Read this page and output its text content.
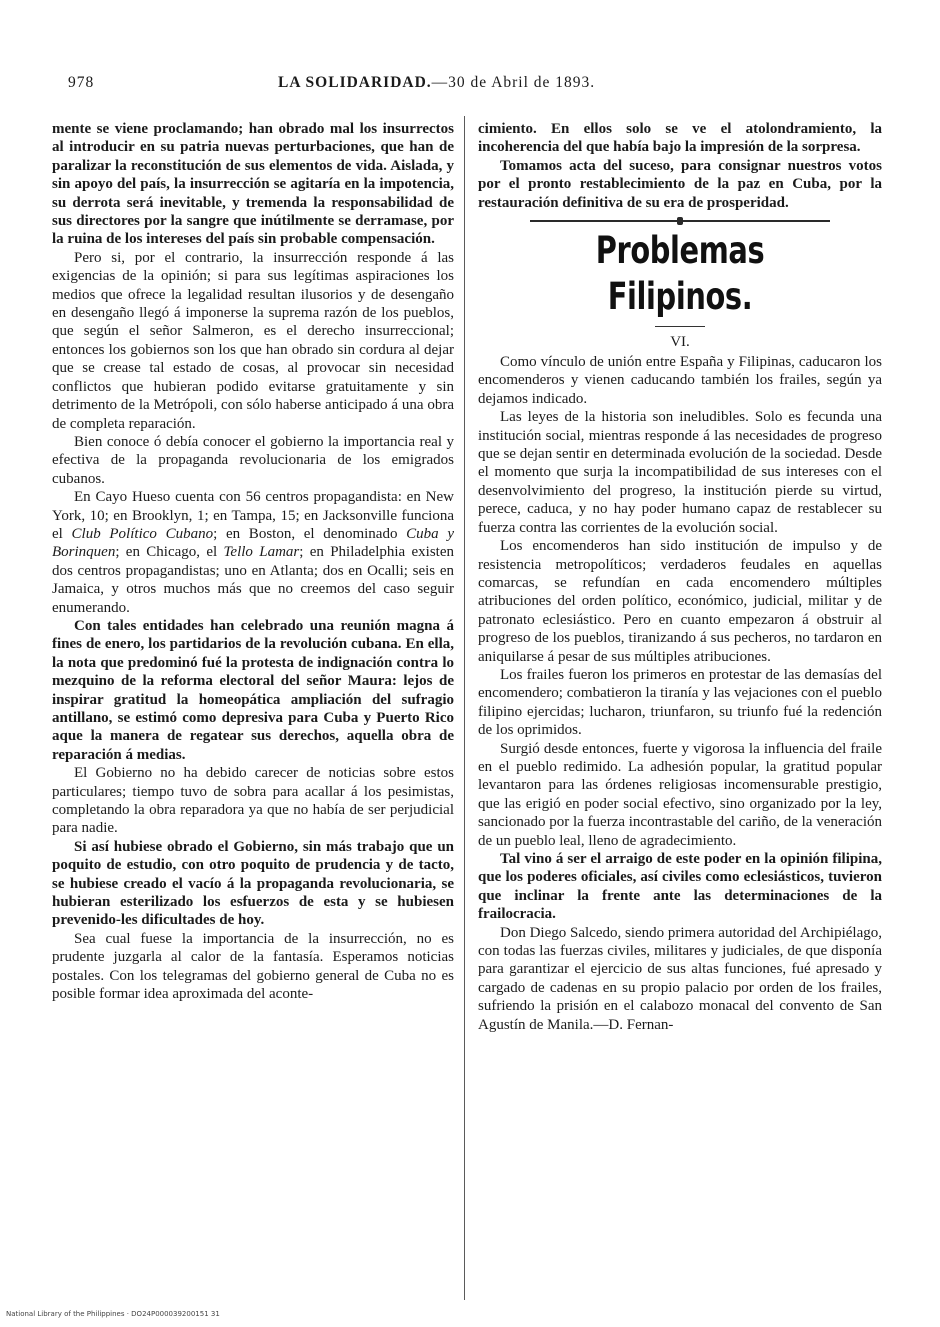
978	LA SOLIDARIDAD.—30 de Abril de 1893.

mente se viene proclamando; han obrado mal los insurrectos al introducir en su patria nuevas perturbaciones, que han de paralizar la reconstitución de sus elementos de vida. Aislada, y sin apoyo del país, la insurrección se agitaría en la impotencia, su derrota será inevitable, y tremenda la responsabilidad de sus directores por la sangre que inútilmente se derramase, por la ruina de los intereses del país sin probable compensación.

Pero si, por el contrario, la insurrección responde á las exigencias de la opinión; si para sus legítimas aspiraciones los medios que ofrece la legalidad resultan ilusorios y de desengaño en desengaño llegó á imponerse la suprema razón de los pueblos, que según el señor Salmeron, es el derecho insurreccional; entonces los gobiernos son los que han obrado sin cordura al dejar que se crease tal estado de cosas, al provocar sin necesidad conflictos que hubieran podido evitarse gratuitamente y sin detrimento de la Metrópoli, con sólo haberse anticipado á una obra de completa reparación.

Bien conoce ó debía conocer el gobierno la importancia real y efectiva de la propaganda revolucionaria de los emigrados cubanos.

En Cayo Hueso cuenta con 56 centros propagandista: en New York, 10; en Brooklyn, 1; en Tampa, 15; en Jacksonville funciona el Club Político Cubano; en Boston, el denominado Cuba y Borinquen; en Chicago, el Tello Lamar; en Philadelphia existen dos centros propagandistas; uno en Atlanta; dos en Ocalli; seis en Jamaica, y otros muchos más que no creemos del caso seguir enumerando.

Con tales entidades han celebrado una reunión magna á fines de enero, los partidarios de la revolución cubana. En ella, la nota que predominó fué la protesta de indignación contra lo mezquino de la reforma electoral del señor Maura: lejos de inspirar gratitud la homeopática ampliación del sufragio antillano, se estimó como depresiva para Cuba y Puerto Rico aque la manera de regatear sus derechos, aquella obra de reparación á medias.

El Gobierno no ha debido carecer de noticias sobre estos particulares; tiempo tuvo de sobra para acallar á los pesimistas, completando la obra reparadora ya que no había de ser perjudicial para nadie.

Si así hubiese obrado el Gobierno, sin más trabajo que un poquito de estudio, con otro poquito de prudencia y de tacto, se hubiese creado el vacío á la propaganda revolucionaria, se hubieran esterilizado los esfuerzos de esta y se hubiesen prevenido-les dificultades de hoy.

Sea cual fuese la importancia de la insurrección, no es prudente juzgarla al calor de la fantasía. Esperamos noticias postales. Con los telegramas del gobierno general de Cuba no es posible formar idea aproximada del aconte-

cimiento. En ellos solo se ve el atolondramiento, la incoherencia del que había bajo la impresión de la sorpresa.

Tomamos acta del suceso, para consignar nuestros votos por el pronto restablecimiento de la paz en Cuba, por la restauración definitiva de su era de prosperidad.

Problemas Filipinos.
VI.

Como vínculo de unión entre España y Filipinas, caducaron los encomenderos y vienen caducando también los frailes, según ya dejamos indicado.

Las leyes de la historia son ineludibles. Solo es fecunda una institución social, mientras responde á las necesidades de progreso que se dejan sentir en determinada evolución de la sociedad. Desde el momento que surja la incompatibilidad de sus intereses con el desenvolvimiento del progreso, la institución pierde su virtud, perece, caduca, y no hay poder humano capaz de restablecer su fuerza contra las corrientes de la evolución social.

Los encomenderos han sido institución de impulso y de resistencia metropolíticos; verdaderos feudales en aquellas comarcas, se refundían en cada encomendero múltiples atribuciones del orden político, económico, judicial, militar y de patronato eclesiástico. Pero en cuanto empezaron á obstruir al progreso de los pueblos, tiranizando á sus pecheros, no tardaron en aniquilarse á pesar de sus múltiples atribuciones.

Los frailes fueron los primeros en protestar de las demasías del encomendero; combatieron la tiranía y las vejaciones con el pueblo filipino ejercidas; lucharon, triunfaron, su triunfo fué la redención de los oprimidos.

Surgió desde entonces, fuerte y vigorosa la influencia del fraile en el pueblo redimido. La adhesión popular, la gratitud popular levantaron para las órdenes religiosas incomensurable prestigio, que las erigió en poder social efectivo, sino organizado por la ley, sancionado por la fuerza incontrastable del cariño, de la veneración de un pueblo leal, lleno de agradecimiento.

Tal vino á ser el arraigo de este poder en la opinión filipina, que los poderes oficiales, así civiles como eclesiásticos, tuvieron que inclinar la frente ante las determinaciones de la frailocracia.

Don Diego Salcedo, siendo primera autoridad del Archipiélago, con todas las fuerzas civiles, militares y judiciales, de que disponía para garantizar el ejercicio de sus altas funciones, fué apresado y cargado de cadenas en su propio palacio por orden de los frailes, sufriendo la prisión en el calabozo monacal del convento de San Agustín de Manila.—D. Fernan-

National Library of the Philippines · DO24P000039200151 31
